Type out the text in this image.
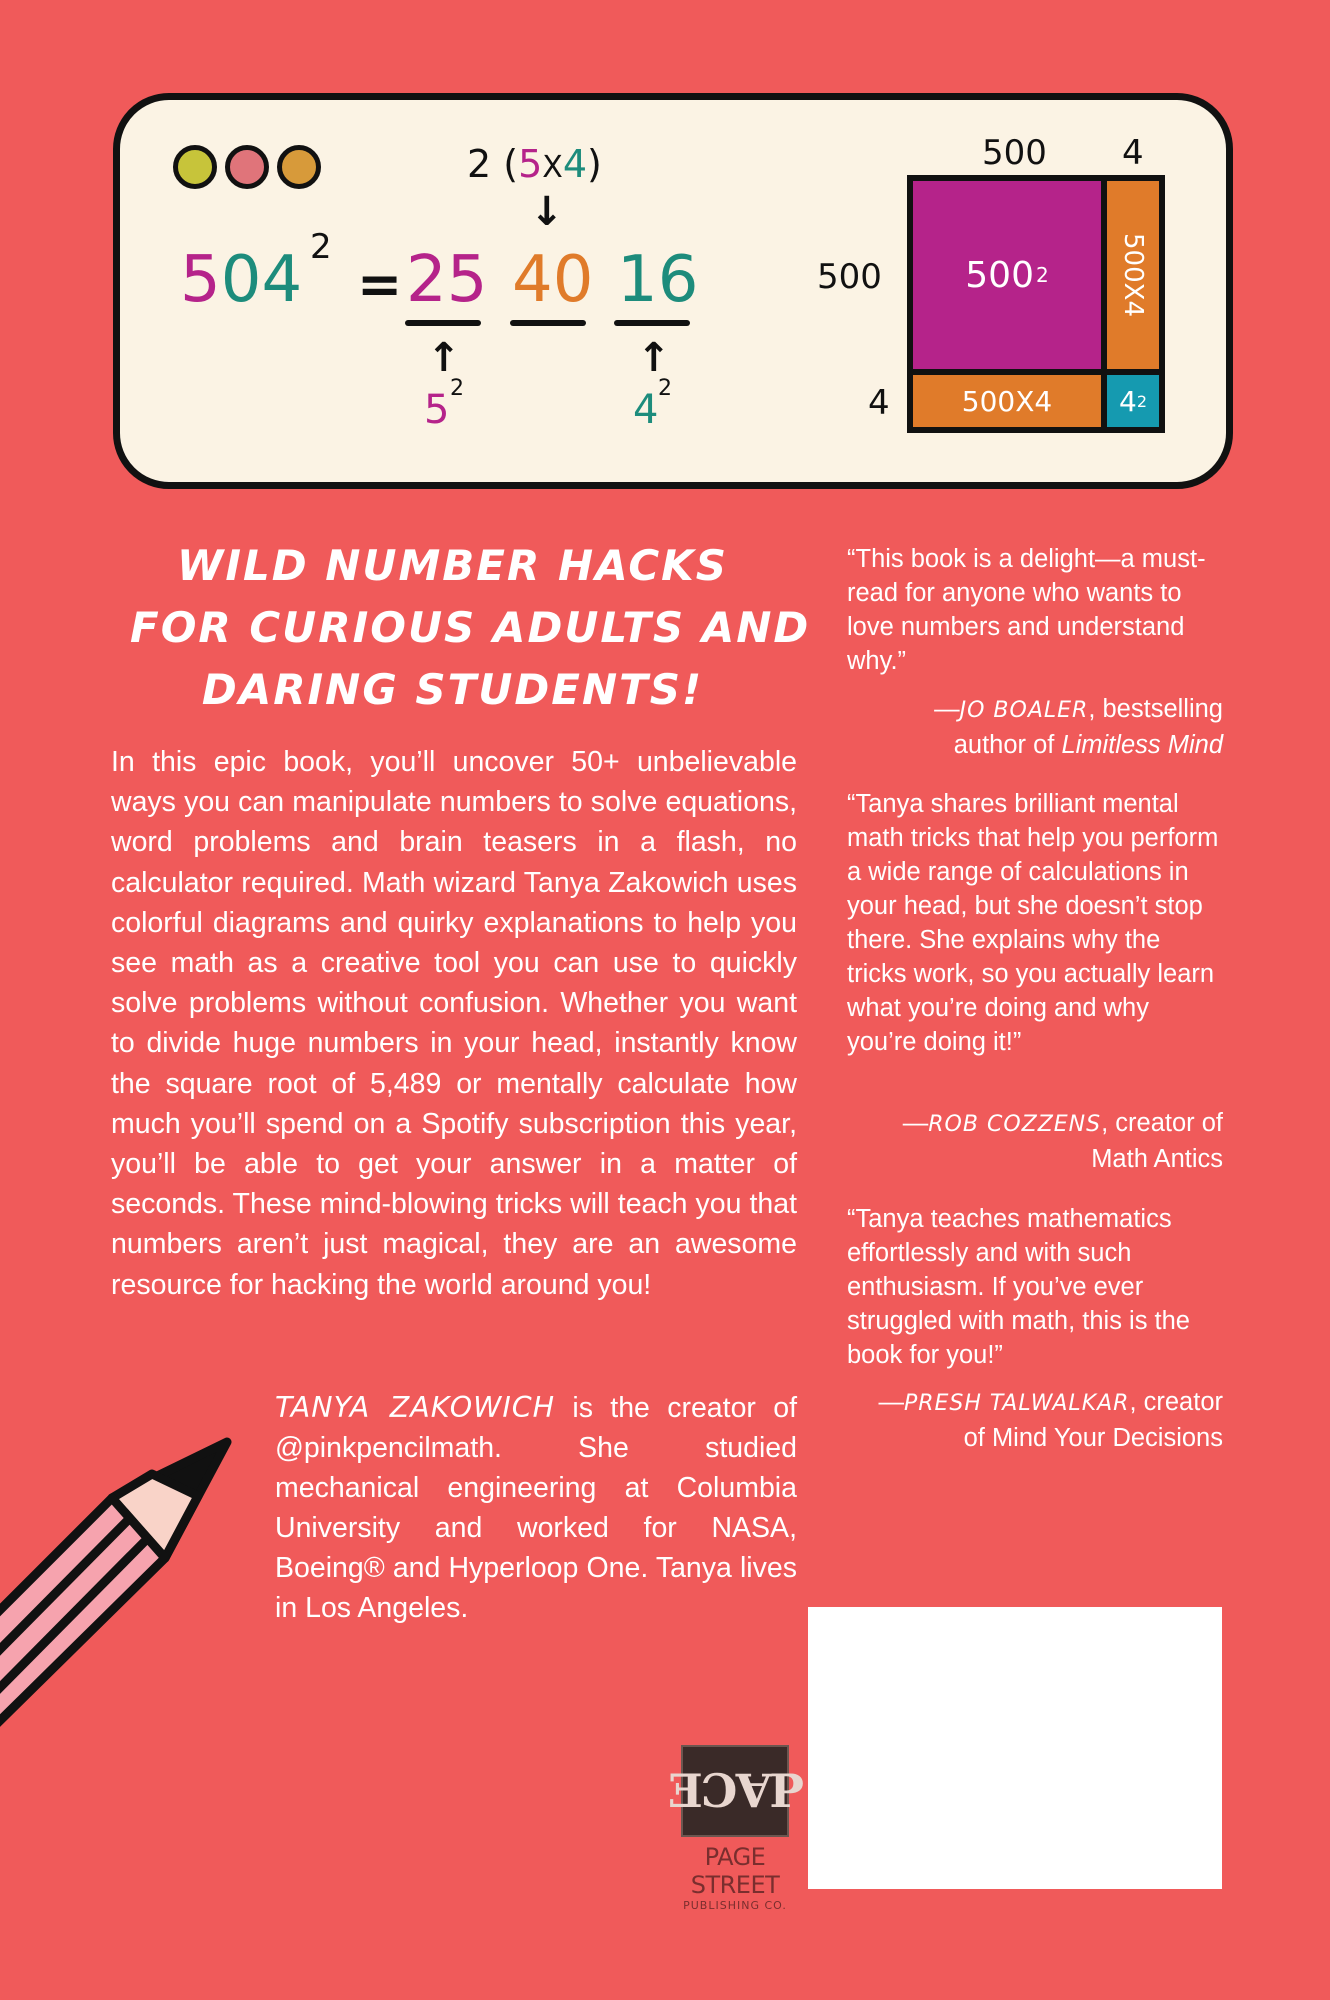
2 (5X4)
↓
504 2
= 25 40 16
↑	↑
5 2	4 2
500 4
500
4
500 2	500X4
500X4 4 2
WILD NUMBER HACKS
FOR CURIOUS ADULTS AND
DARING STUDENTS!

In this epic book, you’ll uncover 50+ unbelievable ways you can manipulate numbers to solve equations, word problems and brain teasers in a flash, no calculator required. Math wizard Tanya Zakowich uses colorful diagrams and quirky explanations to help you see math as a creative tool you can use to quickly solve problems without confusion. Whether you want to divide huge numbers in your head, instantly know the square root of 5,489 or mentally calculate how much you’ll spend on a Spotify subscription this year, you’ll be able to get your answer in a matter of seconds. These mind-blowing tricks will teach you that numbers aren’t just magical, they are an awesome resource for hacking the world around you!

TANYA ZAKOWICH is the creator of @pinkpencilmath. She studied mechanical engineering at Columbia University and worked for NASA, Boeing® and Hyperloop One. Tanya lives in Los Angeles.

“This book is a delight—a must-read for anyone who wants to love numbers and understand why.”

—JO BOALER, bestselling
author of Limitless Mind

“Tanya shares brilliant mental math tricks that help you perform a wide range of calculations in your head, but she doesn’t stop there. She explains why the tricks work, so you actually learn what you’re doing and why you’re doing it!”

—ROB COZZENS, creator of
Math Antics

“Tanya teaches mathematics effortlessly and with such enthusiasm. If you’ve ever struggled with math, this is the book for you!”

—PRESH TALWALKAR, creator
of Mind Your Decisions

ƎƆⱯP
PAGE STREET
PUBLISHING CO.
